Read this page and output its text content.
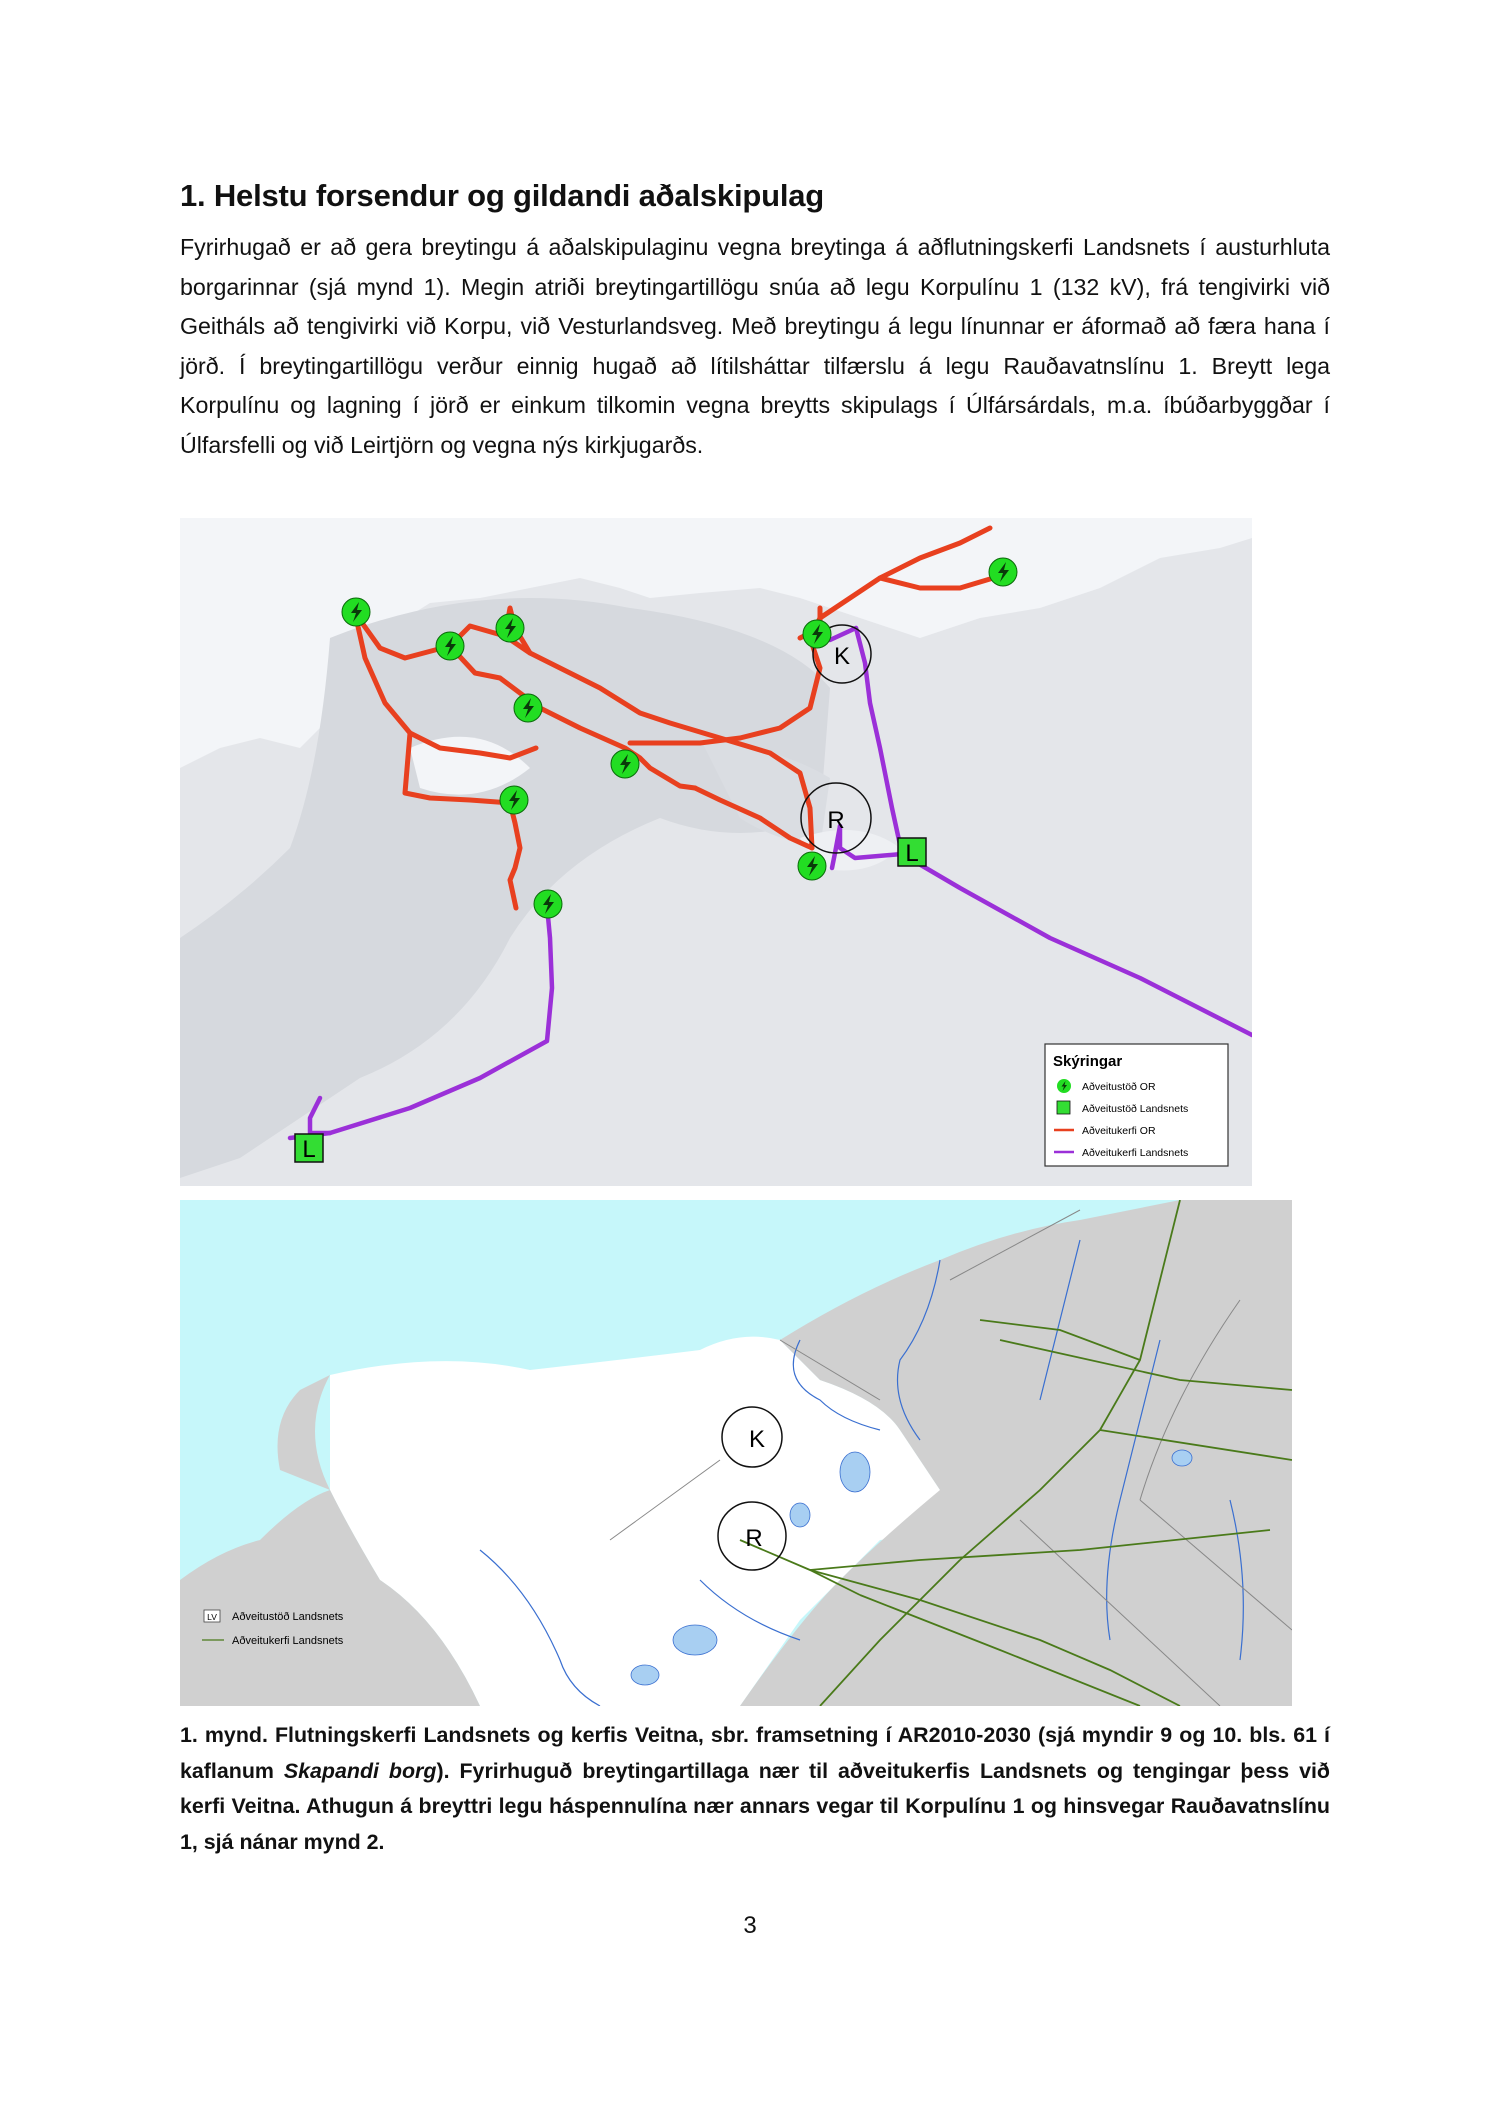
1. Helstu forsendur og gildandi aðalskipulag

Fyrirhugað er að gera breytingu á aðalskipulaginu vegna breytinga á aðflutningskerfi Landsnets í austurhluta borgarinnar (sjá mynd 1). Megin atriði breytingartillögu snúa að legu Korpulínu 1 (132 kV), frá tengivirki við Geitháls að tengivirki við Korpu, við Vesturlandsveg. Með breytingu á legu línunnar er áformað að færa hana í jörð. Í breytingartillögu verður einnig hugað að lítilsháttar tilfærslu á legu Rauðavatnslínu 1. Breytt lega Korpulínu og lagning í jörð er einkum tilkomin vegna breytts skipulags í Úlfársárdals, m.a. íbúðarbyggðar í Úlfarsfelli og við Leirtjörn og vegna nýs kirkjugarðs.

K
R
L
L
Skýringar
Aðveitustöð OR
Aðveitustöð Landsnets
Aðveitukerfi OR
Aðveitukerfi Landsnets
K
R
LV Aðveitustöð Landsnets
Aðveitukerfi Landsnets

1. mynd. Flutningskerfi Landsnets og kerfis Veitna, sbr. framsetning í AR2010-2030 (sjá myndir 9 og 10. bls. 61 í kaflanum Skapandi borg). Fyrirhuguð breytingartillaga nær til aðveitukerfis Landsnets og tengingar þess við kerfi Veitna. Athugun á breyttri legu háspennulína nær annars vegar til Korpulínu 1 og hinsvegar Rauðavatnslínu 1, sjá nánar mynd 2.

3
